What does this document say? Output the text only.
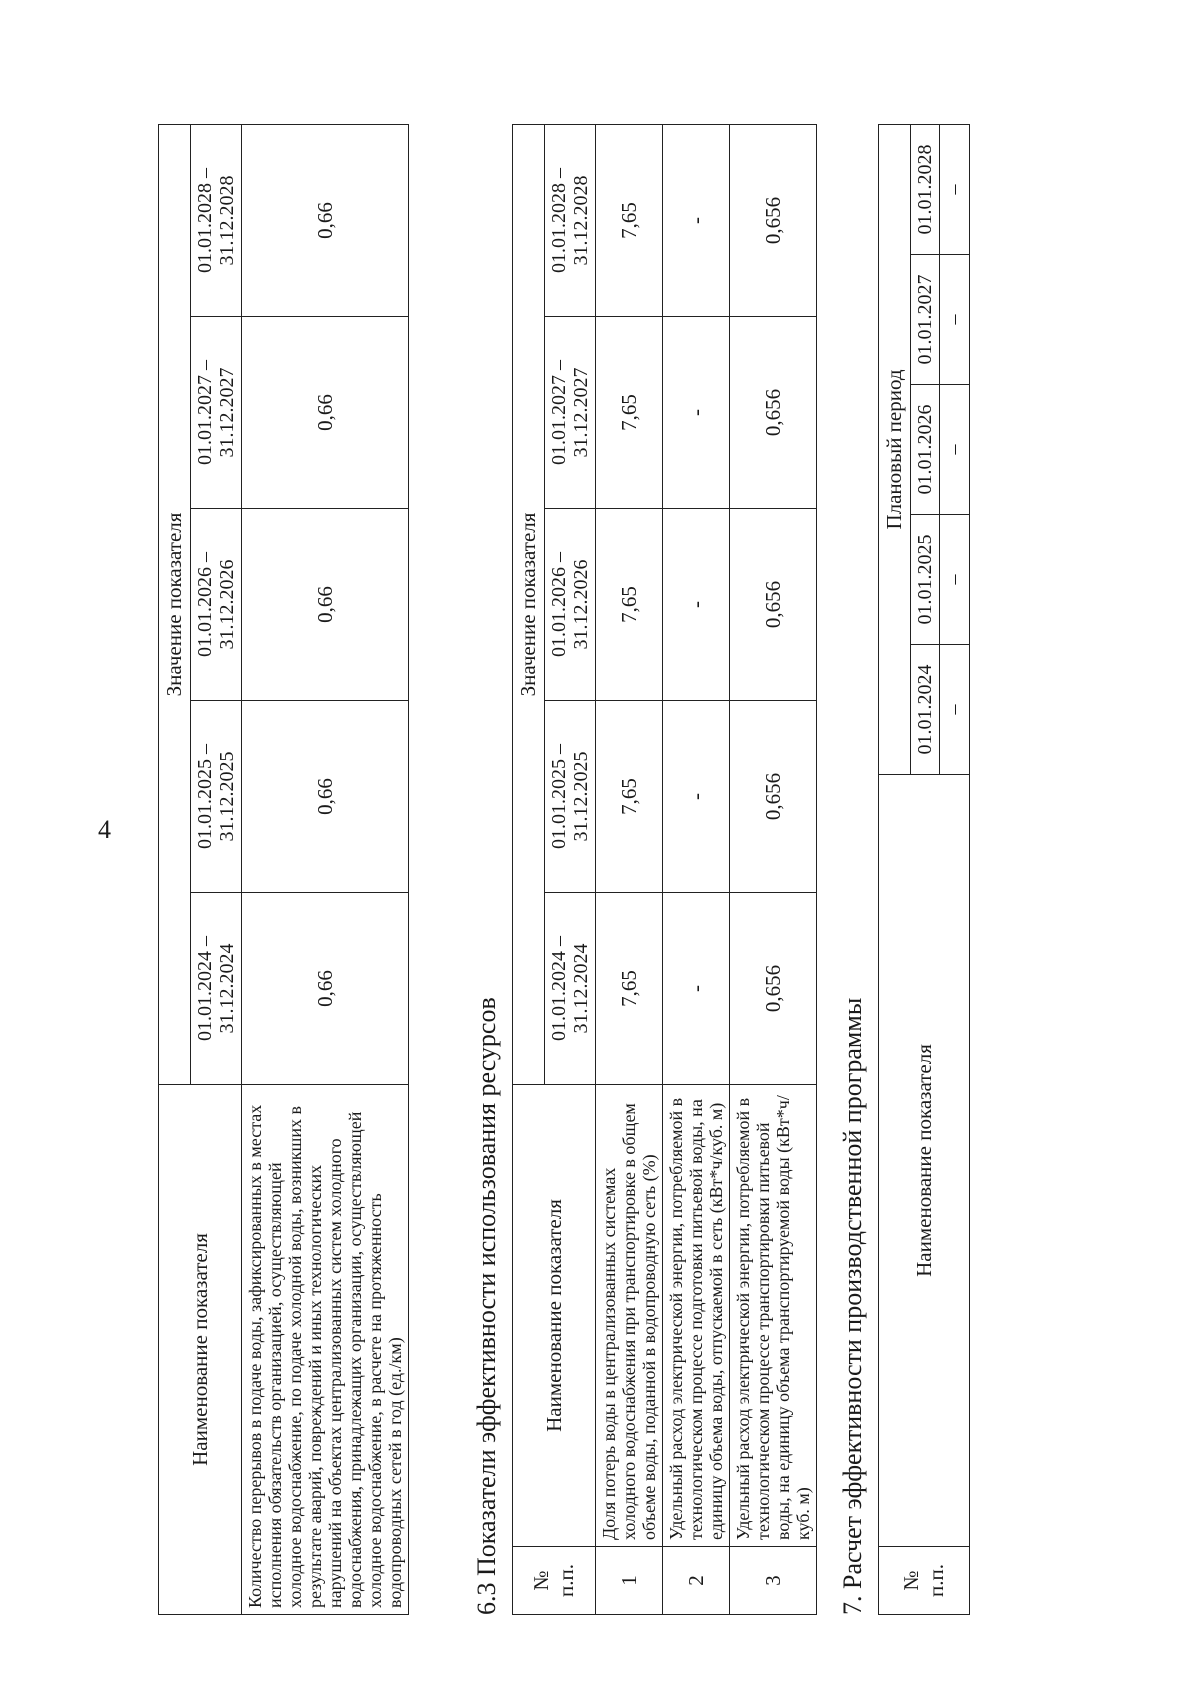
4
Наименование показателя	Значение показателя				
	01.01.2024 – 31.12.2024	01.01.2025 – 31.12.2025	01.01.2026 – 31.12.2026	01.01.2027 – 31.12.2027	01.01.2028 – 31.12.2028
Количество перерывов в подаче воды, зафиксированных в местах исполнения обязательств организацией, осуществляющей холодное водоснабжение, по подаче холодной воды, возникших в результате аварий, повреждений и иных технологических нарушений на объектах централизованных систем холодного водоснабжения, принадлежащих организации, осуществляющей холодное водоснабжение, в расчете на протяженность водопроводных сетей в год (ед./км)	0,66	0,66	0,66	0,66	0,66
6.3 Показатели эффективности использования ресурсов № п.п.	Наименование показателя	Значение показателя				
		01.01.2024 – 31.12.2024	01.01.2025 – 31.12.2025	01.01.2026 – 31.12.2026	01.01.2027 – 31.12.2027	01.01.2028 – 31.12.2028
1	Доля потерь воды в централизованных системах холодного водоснабжения при транспортировке в общем объеме воды, поданной в водопроводную сеть (%)	7,65	7,65	7,65	7,65	7,65
2	Удельный расход электрической энергии, потребляемой в технологическом процессе подготовки питьевой воды, на единицу объема воды, отпускаемой в сеть (кВт*ч/куб. м)	-	-	-	-	-
3	Удельный расход электрической энергии, потребляемой в технологическом процессе транспортировки питьевой воды, на единицу объема транспортируемой воды (кВт*ч/куб. м)	0,656	0,656	0,656	0,656	0,656
7. Расчет эффективности производственной программы № п.п.	Наименование показателя	Плановый период				
		01.01.2024	01.01.2025	01.01.2026	01.01.2027	01.01.2028
		–	–	–	–	–
